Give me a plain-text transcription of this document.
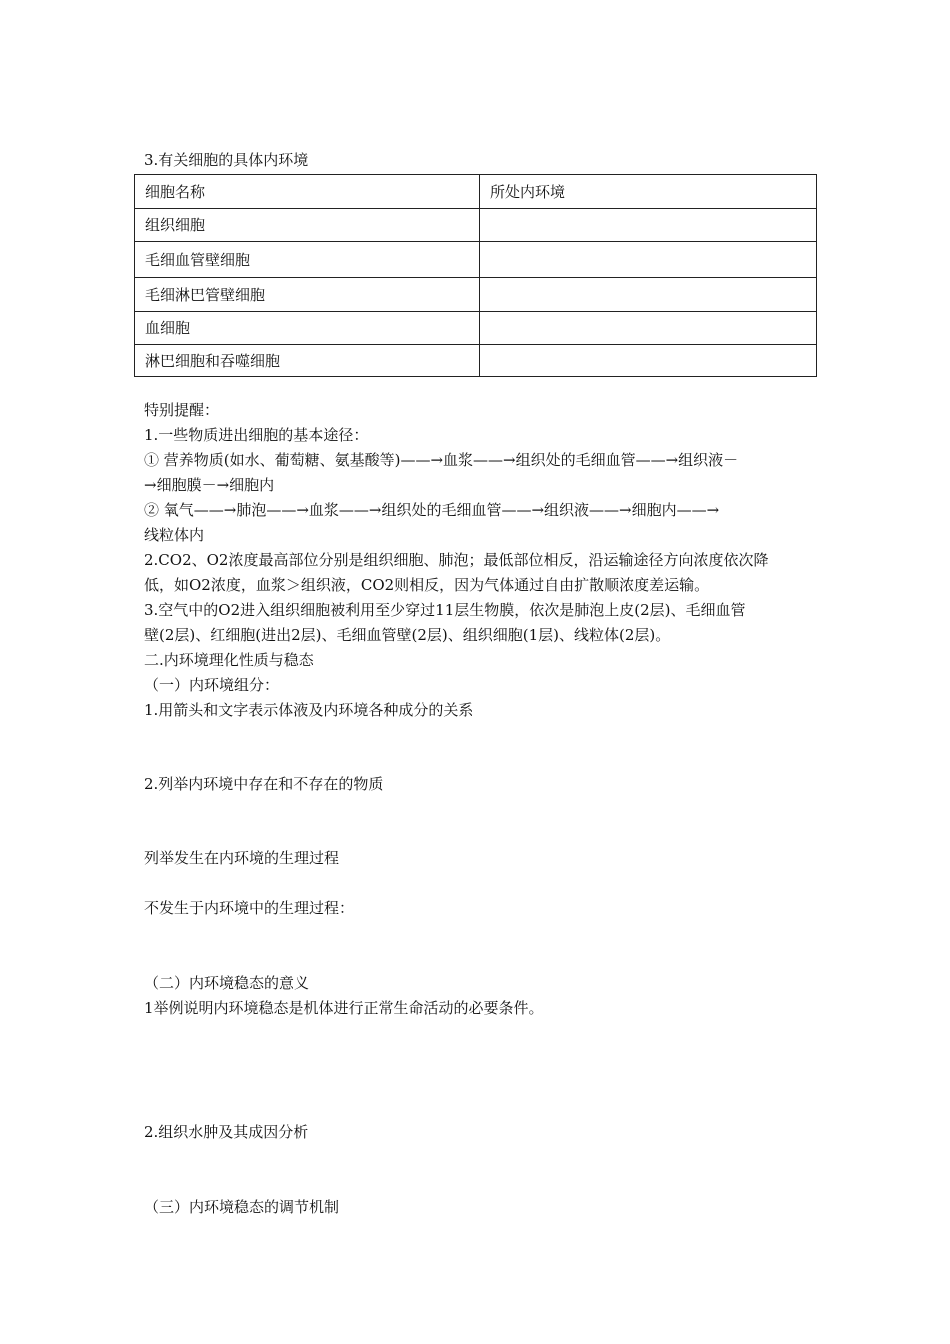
3.有关细胞的具体内环境
细胞名称	所处内环境
组织细胞	
毛细血管壁细胞	
毛细淋巴管壁细胞	
血细胞	
淋巴细胞和吞噬细胞	
特别提醒：
1.一些物质进出细胞的基本途径：
① 营养物质(如水、葡萄糖、氨基酸等)——→血浆——→组织处的毛细血管——→组织液－
→细胞膜－→细胞内
② 氧气——→肺泡——→血浆——→组织处的毛细血管——→组织液——→细胞内——→
线粒体内
2.CO2、O2浓度最高部位分别是组织细胞、肺泡；最低部位相反，沿运输途径方向浓度依次降
低，如O2浓度，血浆＞组织液，CO2则相反，因为气体通过自由扩散顺浓度差运输。
3.空气中的O2进入组织细胞被利用至少穿过11层生物膜，依次是肺泡上皮(2层)、毛细血管
壁(2层)、红细胞(进出2层)、毛细血管壁(2层)、组织细胞(1层)、线粒体(2层)。
二.内环境理化性质与稳态
（一）内环境组分：
1.用箭头和文字表示体液及内环境各种成分的关系
2.列举内环境中存在和不存在的物质
列举发生在内环境的生理过程
不发生于内环境中的生理过程：
（二）内环境稳态的意义
1举例说明内环境稳态是机体进行正常生命活动的必要条件。
2.组织水肿及其成因分析
（三）内环境稳态的调节机制
